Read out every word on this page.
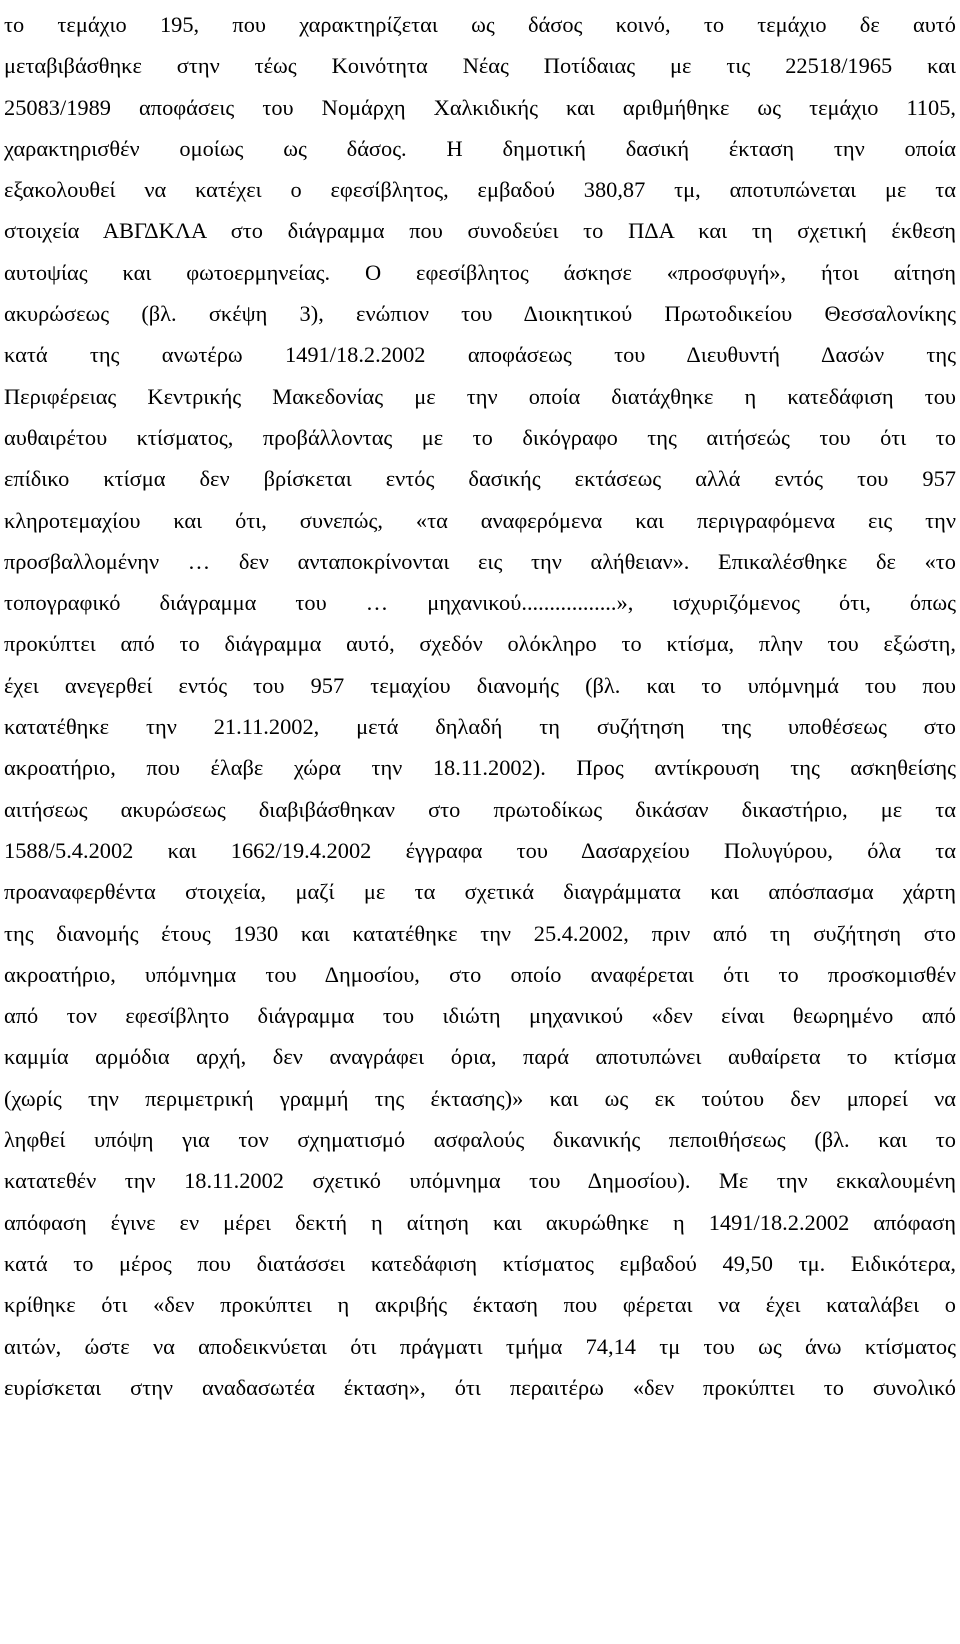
το τεμάχιο 195, που χαρακτηρίζεται ως δάσος κοινό, το τεμάχιο δε αυτό
μεταβιβάσθηκε στην τέως Κοινότητα Νέας Ποτίδαιας με τις 22518/1965 και
25083/1989 αποφάσεις του Νομάρχη Χαλκιδικής και αριθμήθηκε ως τεμάχιο 1105,
χαρακτηρισθέν ομοίως ως δάσος. Η δημοτική δασική έκταση την οποία
εξακολουθεί να κατέχει ο εφεσίβλητος, εμβαδού 380,87 τμ, αποτυπώνεται με τα
στοιχεία ΑΒΓΔΚΛΑ στο διάγραμμα που συνοδεύει το ΠΔΑ και τη σχετική έκθεση
αυτοψίας και φωτοερμηνείας. Ο εφεσίβλητος άσκησε «προσφυγή», ήτοι αίτηση
ακυρώσεως (βλ. σκέψη 3), ενώπιον του Διοικητικού Πρωτοδικείου Θεσσαλονίκης
κατά της ανωτέρω 1491/18.2.2002 αποφάσεως του Διευθυντή Δασών της
Περιφέρειας Κεντρικής Μακεδονίας με την οποία διατάχθηκε η κατεδάφιση του
αυθαιρέτου κτίσματος, προβάλλοντας με το δικόγραφο της αιτήσεώς του ότι το
επίδικο κτίσμα δεν βρίσκεται εντός δασικής εκτάσεως αλλά εντός του 957
κληροτεμαχίου και ότι, συνεπώς, «τα αναφερόμενα και περιγραφόμενα εις την
προσβαλλομένην … δεν ανταποκρίνονται εις την αλήθειαν». Επικαλέσθηκε δε «το
τοπογραφικό διάγραμμα του … μηχανικού.................», ισχυριζόμενος ότι, όπως
προκύπτει από το διάγραμμα αυτό, σχεδόν ολόκληρο το κτίσμα, πλην του εξώστη,
έχει ανεγερθεί εντός του 957 τεμαχίου διανομής (βλ. και το υπόμνημά του που
κατατέθηκε την 21.11.2002, μετά δηλαδή τη συζήτηση της υποθέσεως στο
ακροατήριο, που έλαβε χώρα την 18.11.2002). Προς αντίκρουση της ασκηθείσης
αιτήσεως ακυρώσεως διαβιβάσθηκαν στο πρωτοδίκως δικάσαν δικαστήριο, με τα
1588/5.4.2002 και 1662/19.4.2002 έγγραφα του Δασαρχείου Πολυγύρου, όλα τα
προαναφερθέντα στοιχεία, μαζί με τα σχετικά διαγράμματα και απόσπασμα χάρτη
της διανομής έτους 1930 και κατατέθηκε την 25.4.2002, πριν από τη συζήτηση στο
ακροατήριο, υπόμνημα του Δημοσίου, στο οποίο αναφέρεται ότι το προσκομισθέν
από τον εφεσίβλητο διάγραμμα του ιδιώτη μηχανικού «δεν είναι θεωρημένο από
καμμία αρμόδια αρχή, δεν αναγράφει όρια, παρά αποτυπώνει αυθαίρετα το κτίσμα
(χωρίς την περιμετρική γραμμή της έκτασης)» και ως εκ τούτου δεν μπορεί να
ληφθεί υπόψη για τον σχηματισμό ασφαλούς δικανικής πεποιθήσεως (βλ. και το
κατατεθέν την 18.11.2002 σχετικό υπόμνημα του Δημοσίου). Με την εκκαλουμένη
απόφαση έγινε εν μέρει δεκτή η αίτηση και ακυρώθηκε η 1491/18.2.2002 απόφαση
κατά το μέρος που διατάσσει κατεδάφιση κτίσματος εμβαδού 49,50 τμ. Ειδικότερα,
κρίθηκε ότι «δεν προκύπτει η ακριβής έκταση που φέρεται να έχει καταλάβει ο
αιτών, ώστε να αποδεικνύεται ότι πράγματι τμήμα 74,14 τμ του ως άνω κτίσματος
ευρίσκεται στην αναδασωτέα έκταση», ότι περαιτέρω «δεν προκύπτει το συνολικό
